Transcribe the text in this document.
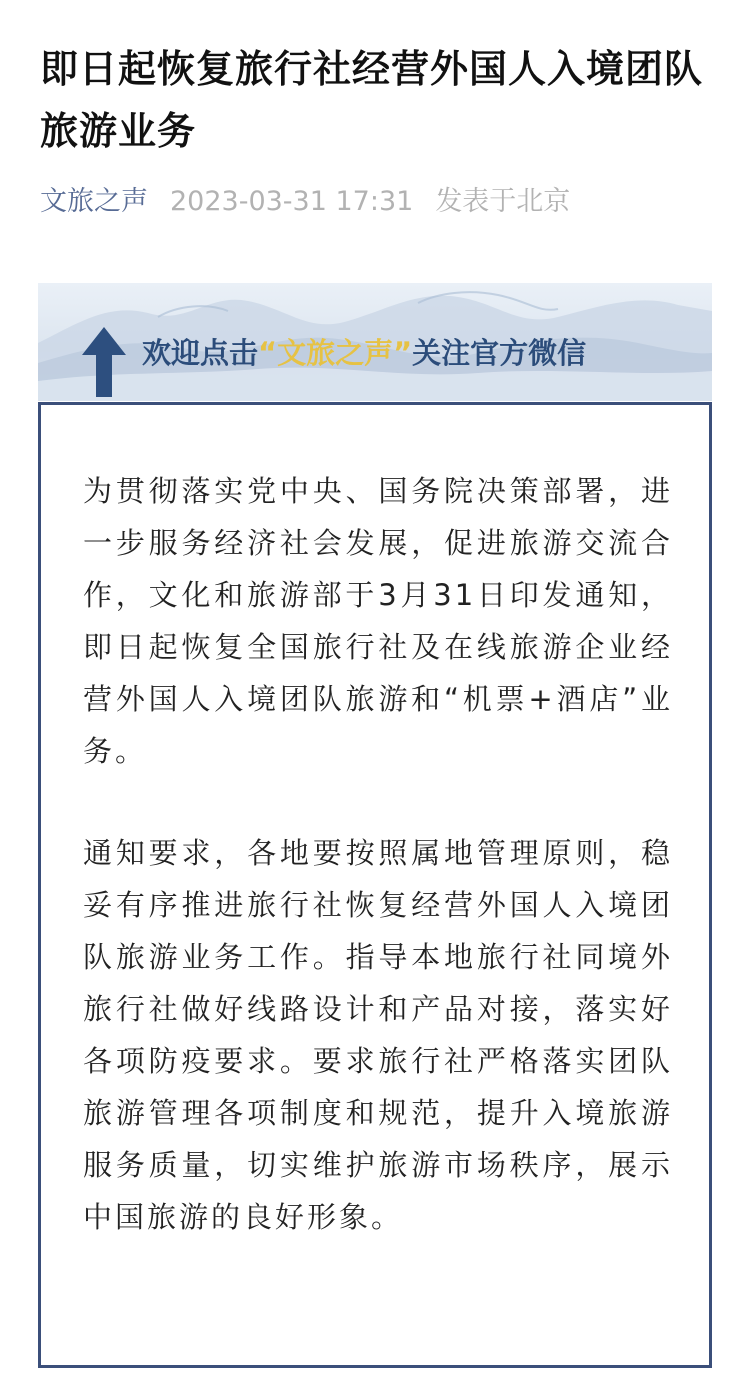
即日起恢复旅行社经营外国人入境团队旅游业务
文旅之声 2023-03-31 17:31 发表于北京
欢迎点击“文旅之声”关注官方微信

为贯彻落实党中央、国务院决策部署，进一步服务经济社会发展，促进旅游交流合作，文化和旅游部于3月31日印发通知，即日起恢复全国旅行社及在线旅游企业经营外国人入境团队旅游和“机票+酒店”业务。

通知要求，各地要按照属地管理原则，稳妥有序推进旅行社恢复经营外国人入境团队旅游业务工作。指导本地旅行社同境外旅行社做好线路设计和产品对接，落实好各项防疫要求。要求旅行社严格落实团队旅游管理各项制度和规范，提升入境旅游服务质量，切实维护旅游市场秩序，展示中国旅游的良好形象。
